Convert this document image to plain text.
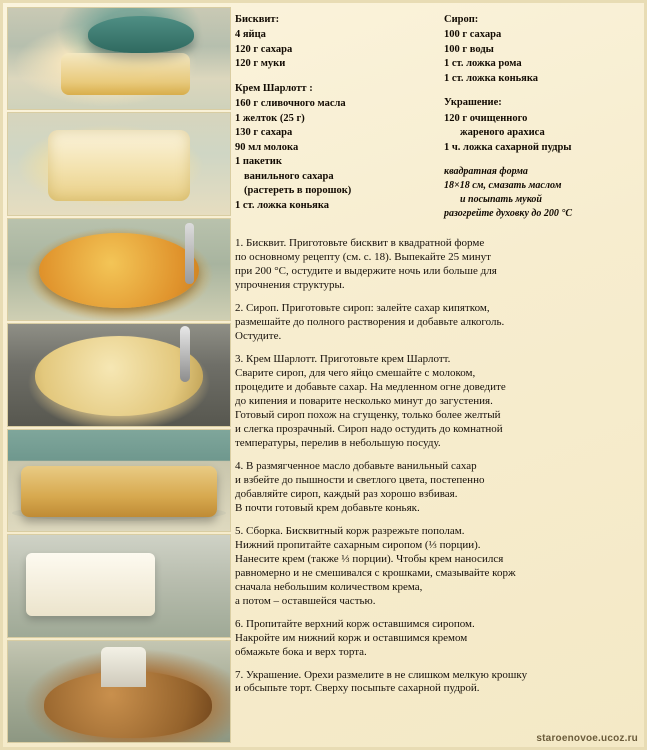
Бисквит:
4 яйца
120 г сахара
120 г муки
Крем Шарлотт :
160 г сливочного масла
1 желток (25 г)
130 г сахара
90 мл молока
1 пакетик
ванильного сахара
(растереть в порошок)
1 ст. ложка коньяка
Сироп:
100 г сахара
100 г воды
1 ст. ложка рома
1 ст. ложка коньяка
Украшение:
120 г очищенного
жареного арахиса
1 ч. ложка сахарной пудры
квадратная форма
18×18 см, смазать маслом
и посыпать мукой
разогрейте духовку до 200 °C

1. Бисквит. Приготовьте бисквит в квадратной форме

по основному рецепту (см. с. 18). Выпекайте 25 минут

при 200 °C, остудите и выдержите ночь или больше для

упрочнения структуры.

2. Сироп. Приготовьте сироп: залейте сахар кипятком,

размешайте до полного растворения и добавьте алкоголь.

Остудите.

3. Крем Шарлотт. Приготовьте крем Шарлотт.

Сварите сироп, для чего яйцо смешайте с молоком,

процедите и добавьте сахар. На медленном огне доведите

до кипения и поварите несколько минут до загустения.

Готовый сироп похож на сгущенку, только более желтый

и слегка прозрачный. Сироп надо остудить до комнатной

температуры, перелив в небольшую посуду.

4. В размягченное масло добавьте ванильный сахар

и взбейте до пышности и светлого цвета, постепенно

добавляйте сироп, каждый раз хорошо взбивая.

В почти готовый крем добавьте коньяк.

5. Сборка. Бисквитный корж разрежьте пополам.

Нижний пропитайте сахарным сиропом (⅓ порции).

Нанесите крем (также ⅓ порции). Чтобы крем наносился

равномерно и не смешивался с крошками, смазывайте корж

сначала небольшим количеством крема,

а потом – оставшейся частью.

6. Пропитайте верхний корж оставшимся сиропом.

Накройте им нижний корж и оставшимся кремом

обмажьте бока и верх торта.

7. Украшение. Орехи размелите в не слишком мелкую крошку

и обсыпьте торт. Сверху посыпьте сахарной пудрой.

staroenovoe.ucoz.ru
